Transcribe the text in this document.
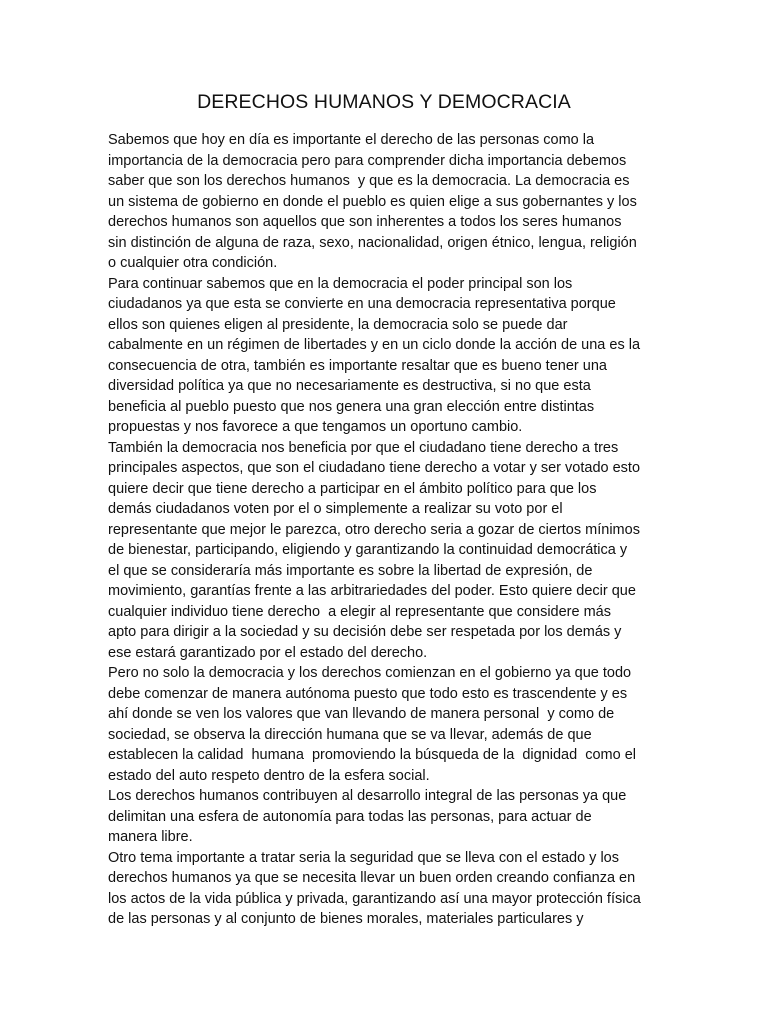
DERECHOS HUMANOS Y DEMOCRACIA
Sabemos que hoy en día es importante el derecho de las personas como la
importancia de la democracia pero para comprender dicha importancia debemos
saber que son los derechos humanos  y que es la democracia. La democracia es
un sistema de gobierno en donde el pueblo es quien elige a sus gobernantes y los
derechos humanos son aquellos que son inherentes a todos los seres humanos
sin distinción de alguna de raza, sexo, nacionalidad, origen étnico, lengua, religión
o cualquier otra condición.
Para continuar sabemos que en la democracia el poder principal son los
ciudadanos ya que esta se convierte en una democracia representativa porque
ellos son quienes eligen al presidente, la democracia solo se puede dar
cabalmente en un régimen de libertades y en un ciclo donde la acción de una es la
consecuencia de otra, también es importante resaltar que es bueno tener una
diversidad política ya que no necesariamente es destructiva, si no que esta
beneficia al pueblo puesto que nos genera una gran elección entre distintas
propuestas y nos favorece a que tengamos un oportuno cambio.
También la democracia nos beneficia por que el ciudadano tiene derecho a tres
principales aspectos, que son el ciudadano tiene derecho a votar y ser votado esto
quiere decir que tiene derecho a participar en el ámbito político para que los
demás ciudadanos voten por el o simplemente a realizar su voto por el
representante que mejor le parezca, otro derecho seria a gozar de ciertos mínimos
de bienestar, participando, eligiendo y garantizando la continuidad democrática y
el que se consideraría más importante es sobre la libertad de expresión, de
movimiento, garantías frente a las arbitrariedades del poder. Esto quiere decir que
cualquier individuo tiene derecho  a elegir al representante que considere más
apto para dirigir a la sociedad y su decisión debe ser respetada por los demás y
ese estará garantizado por el estado del derecho.
Pero no solo la democracia y los derechos comienzan en el gobierno ya que todo
debe comenzar de manera autónoma puesto que todo esto es trascendente y es
ahí donde se ven los valores que van llevando de manera personal  y como de
sociedad, se observa la dirección humana que se va llevar, además de que
establecen la calidad  humana  promoviendo la búsqueda de la  dignidad  como el
estado del auto respeto dentro de la esfera social.
Los derechos humanos contribuyen al desarrollo integral de las personas ya que
delimitan una esfera de autonomía para todas las personas, para actuar de
manera libre.
Otro tema importante a tratar seria la seguridad que se lleva con el estado y los
derechos humanos ya que se necesita llevar un buen orden creando confianza en
los actos de la vida pública y privada, garantizando así una mayor protección física
de las personas y al conjunto de bienes morales, materiales particulares y
